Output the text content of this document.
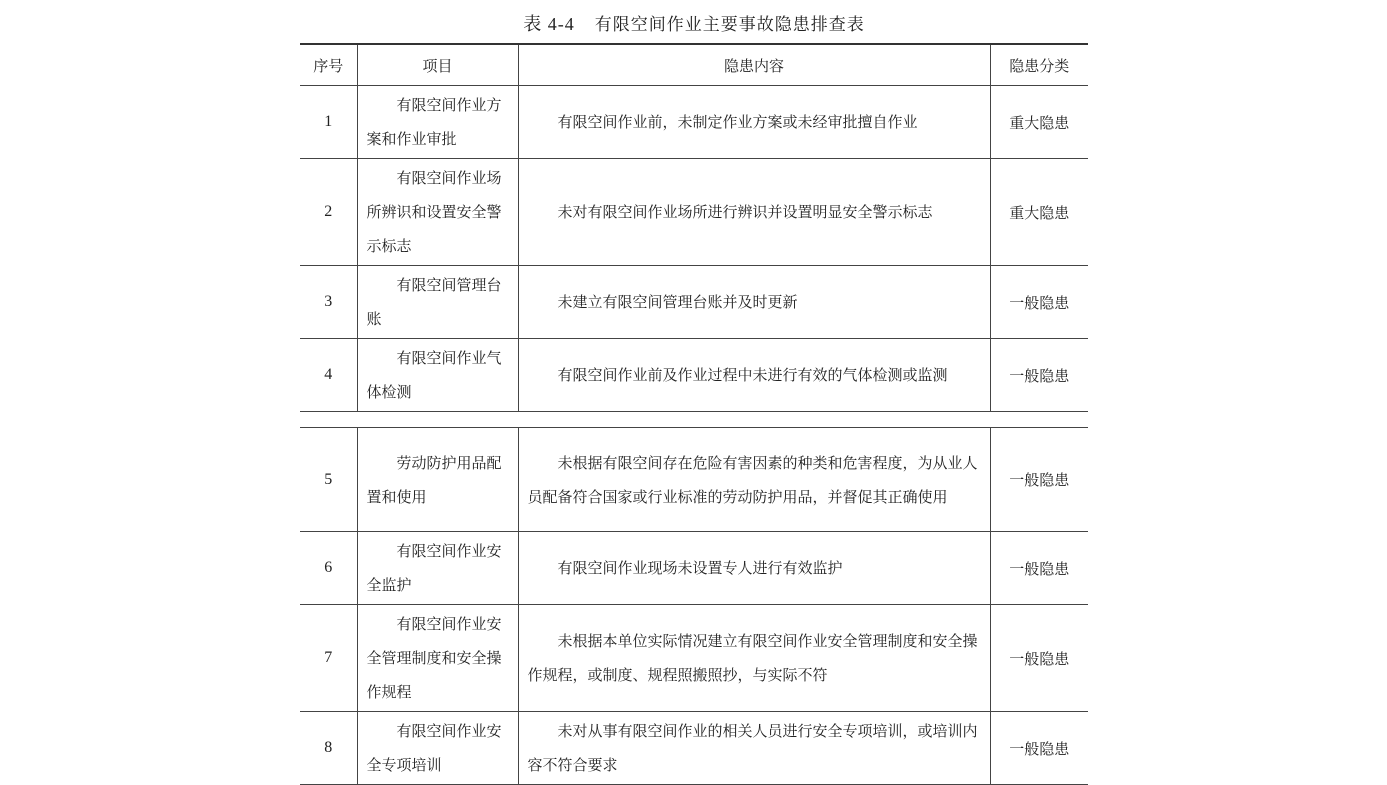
表 4-4 有限空间作业主要事故隐患排查表
序号	项目	隐患内容	隐患分类
1	有限空间作业方案和作业审批	有限空间作业前，未制定作业方案或未经审批擅自作业	重大隐患
2	有限空间作业场所辨识和设置安全警示标志	未对有限空间作业场所进行辨识并设置明显安全警示标志	重大隐患
3	有限空间管理台账	未建立有限空间管理台账并及时更新	一般隐患
4	有限空间作业气体检测	有限空间作业前及作业过程中未进行有效的气体检测或监测	一般隐患
5	劳动防护用品配置和使用	未根据有限空间存在危险有害因素的种类和危害程度，为从业人员配备符合国家或行业标准的劳动防护用品，并督促其正确使用	一般隐患
6	有限空间作业安全监护	有限空间作业现场未设置专人进行有效监护	一般隐患
7	有限空间作业安全管理制度和安全操作规程	未根据本单位实际情况建立有限空间作业安全管理制度和安全操作规程，或制度、规程照搬照抄，与实际不符	一般隐患
8	有限空间作业安全专项培训	未对从事有限空间作业的相关人员进行安全专项培训，或培训内容不符合要求	一般隐患
